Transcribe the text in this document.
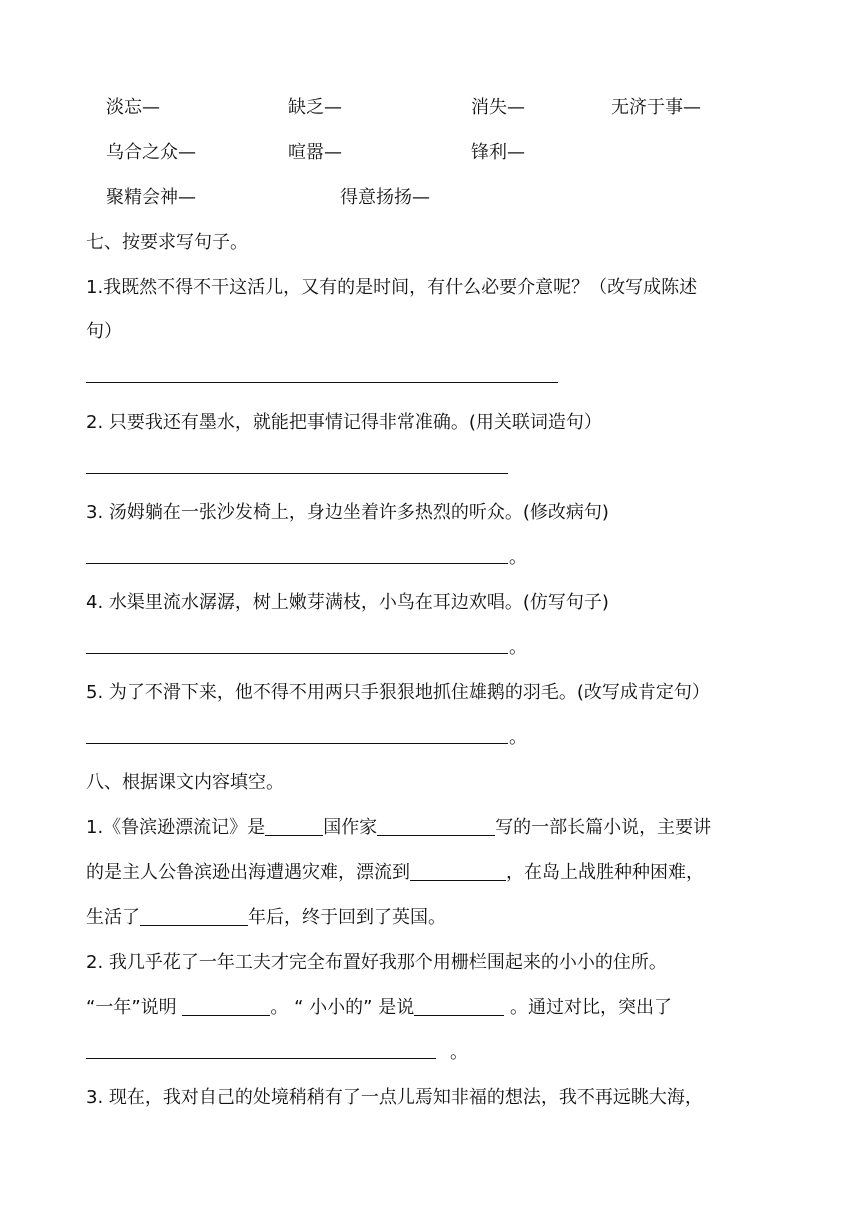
淡忘—	缺乏—	消失—	无济于事—
乌合之众—	喧嚣—	锋利—
聚精会神—	得意扬扬—
七、按要求写句子。
1.我既然不得不干这活儿，又有的是时间，有什么必要介意呢？（改写成陈述
句）
2. 只要我还有墨水，就能把事情记得非常准确。(用关联词造句）
3. 汤姆躺在一张沙发椅上，身边坐着许多热烈的听众。(修改病句)
。
4. 水渠里流水潺潺，树上嫩芽满枝，小鸟在耳边欢唱。(仿写句子)
。
5. 为了不滑下来，他不得不用两只手狠狠地抓住雄鹅的羽毛。(改写成肯定句）
。
八、根据课文内容填空。
1.《鲁滨逊漂流记》是	国作家	写的一部长篇小说，主要讲
的是主人公鲁滨逊出海遭遇灾难，漂流到	，在岛上战胜种种困难，
生活了	年后，终于回到了英国。
2. 我几乎花了一年工夫才完全布置好我那个用栅栏围起来的小小的住所。
“一年”说明	。 “ 小小的” 是说	。通过对比，突出了
。
3. 现在，我对自己的处境稍稍有了一点儿焉知非福的想法，我不再远眺大海，
